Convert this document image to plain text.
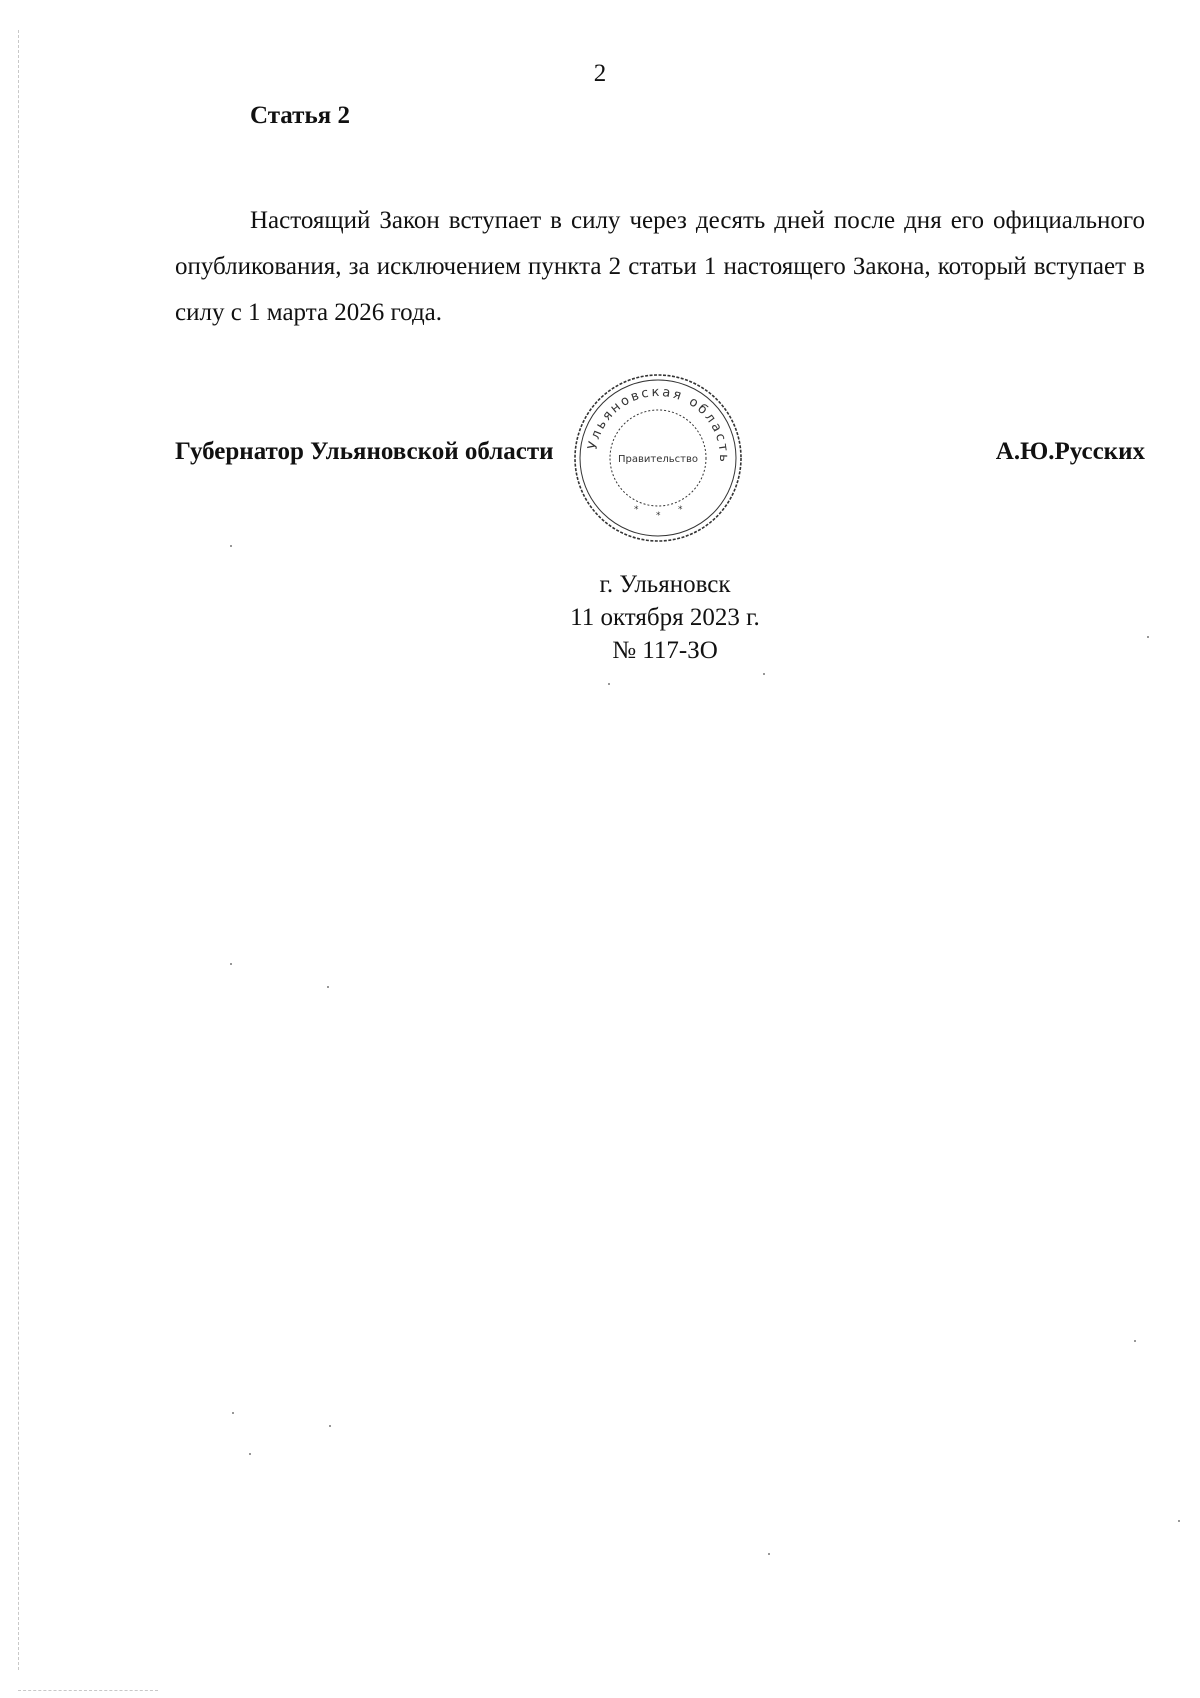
2
Статья 2

Настоящий Закон вступает в силу через десять дней после дня его официального опубликования, за исключением пункта 2 статьи 1 настоящего Закона, который вступает в силу с 1 марта 2026 года.

Губернатор Ульяновской области	А.Ю.Русских
Ульяновская область
Правительство
*
*
*
г. Ульяновск
11 октября 2023 г.
№ 117-ЗО
